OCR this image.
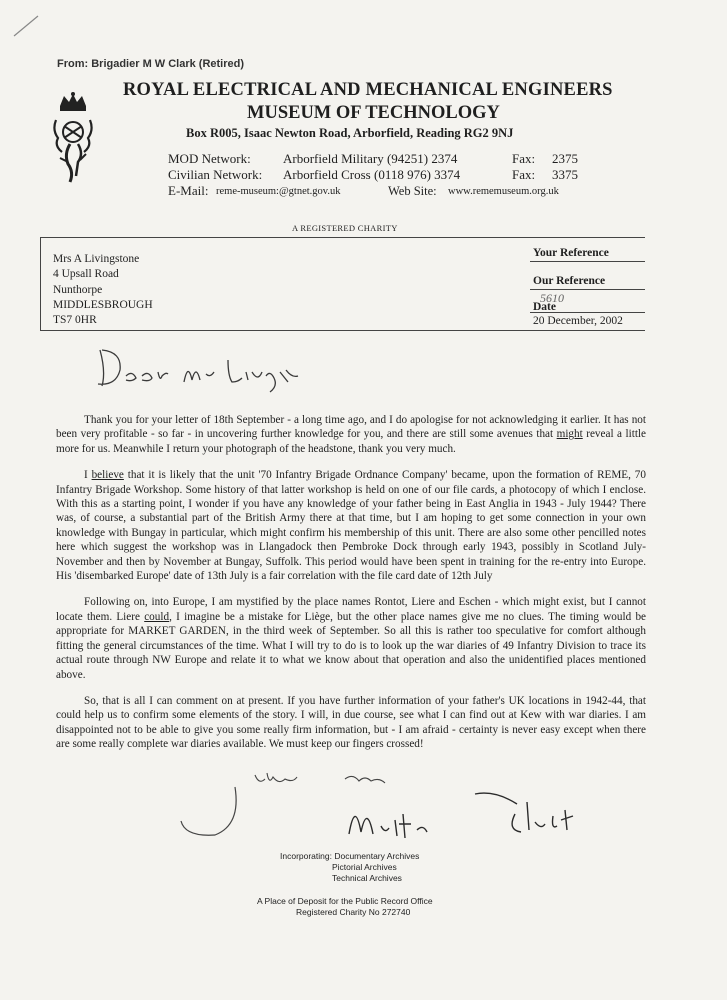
From: Brigadier M W Clark (Retired)
ROYAL ELECTRICAL AND MECHANICAL ENGINEERS
MUSEUM OF TECHNOLOGY
Box R005, Isaac Newton Road, Arborfield, Reading RG2 9NJ
MOD Network: Arborfield Military (94251) 2374	Fax: 2375
Civilian Network: Arborfield Cross (0118 976) 3374	Fax: 3375
E-Mail: reme-museum:@gtnet.gov.uk	Web Site: www.rememuseum.org.uk
A REGISTERED CHARITY
Mrs A Livingstone
4 Upsall Road
Nunthorpe
MIDDLESBROUGH
TS7 0HR
Your Reference
Our Reference
5610
Date
20 December, 2002

Thank you for your letter of 18th September - a long time ago, and I do apologise for not acknowledging it earlier. It has not been very profitable - so far - in uncovering further knowledge for you, and there are still some avenues that might reveal a little more for us. Meanwhile I return your photograph of the headstone, thank you very much.

I believe that it is likely that the unit '70 Infantry Brigade Ordnance Company' became, upon the formation of REME, 70 Infantry Brigade Workshop. Some history of that latter workshop is held on one of our file cards, a photocopy of which I enclose. With this as a starting point, I wonder if you have any knowledge of your father being in East Anglia in 1943 - July 1944? There was, of course, a substantial part of the British Army there at that time, but I am hoping to get some connection in your own knowledge with Bungay in particular, which might confirm his membership of this unit. There are also some other pencilled notes here which suggest the workshop was in Llangadock then Pembroke Dock through early 1943, possibly in Scotland July-November and then by November at Bungay, Suffolk. This period would have been spent in training for the re-entry into Europe. His 'disembarked Europe' date of 13th July is a fair correlation with the file card date of 12th July

Following on, into Europe, I am mystified by the place names Rontot, Liere and Eschen - which might exist, but I cannot locate them. Liere could, I imagine be a mistake for Liège, but the other place names give me no clues. The timing would be appropriate for MARKET GARDEN, in the third week of September. So all this is rather too speculative for comfort although fitting the general circumstances of the time. What I will try to do is to look up the war diaries of 49 Infantry Division to trace its actual route through NW Europe and relate it to what we know about that operation and also the unidentified places mentioned above.

So, that is all I can comment on at present. If you have further information of your father's UK locations in 1942-44, that could help us to confirm some elements of the story. I will, in due course, see what I can find out at Kew with war diaries. I am disappointed not to be able to give you some really firm information, but - I am afraid - certainty is never easy except when there are some really complete war diaries available. We must keep our fingers crossed!

Incorporating: Documentary Archives
Pictorial Archives
Technical Archives
A Place of Deposit for the Public Record Office
Registered Charity No 272740
